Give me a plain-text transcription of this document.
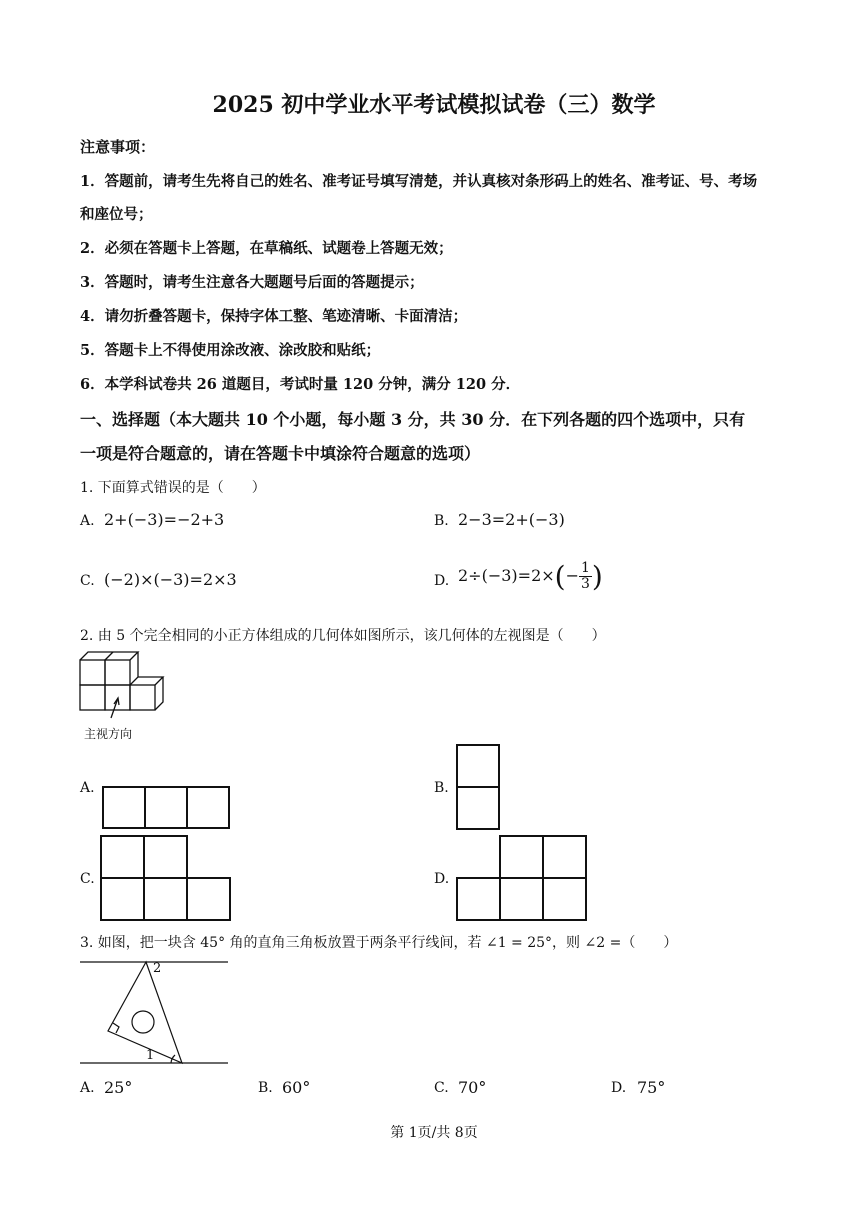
2025 初中学业水平考试模拟试卷（三）数学
注意事项：
1．答题前，请考生先将自己的姓名、准考证号填写清楚，并认真核对条形码上的姓名、准考证、号、考场
和座位号；
2．必须在答题卡上答题，在草稿纸、试题卷上答题无效；
3．答题时，请考生注意各大题题号后面的答题提示；
4．请勿折叠答题卡，保持字体工整、笔迹清晰、卡面清洁；
5．答题卡上不得使用涂改液、涂改胶和贴纸；
6．本学科试卷共 26 道题目，考试时量 120 分钟，满分 120 分．
一、选择题（本大题共 10 个小题，每小题 3 分，共 30 分．在下列各题的四个选项中，只有
一项是符合题意的，请在答题卡中填涂符合题意的选项）
1. 下面算式错误的是（　　）
A. 2+(−3)=−2+3	B. 2−3=2+(−3)
C. (−2)×(−3)=2×3	D. $2\div(-3)=2\times(- \frac{1}{3}$ )
2. 由 5 个完全相同的小正方体组成的几何体如图所示，该几何体的左视图是（　　）
主视方向
A.	B.
C.	D.
3. 如图，把一块含 45° 角的直角三角板放置于两条平行线间，若 ∠1 = 25°，则 ∠2 =（　　）
2
1
A. 25°	B. 60°	C. 70°	D. 75°
第 1页/共 8页
